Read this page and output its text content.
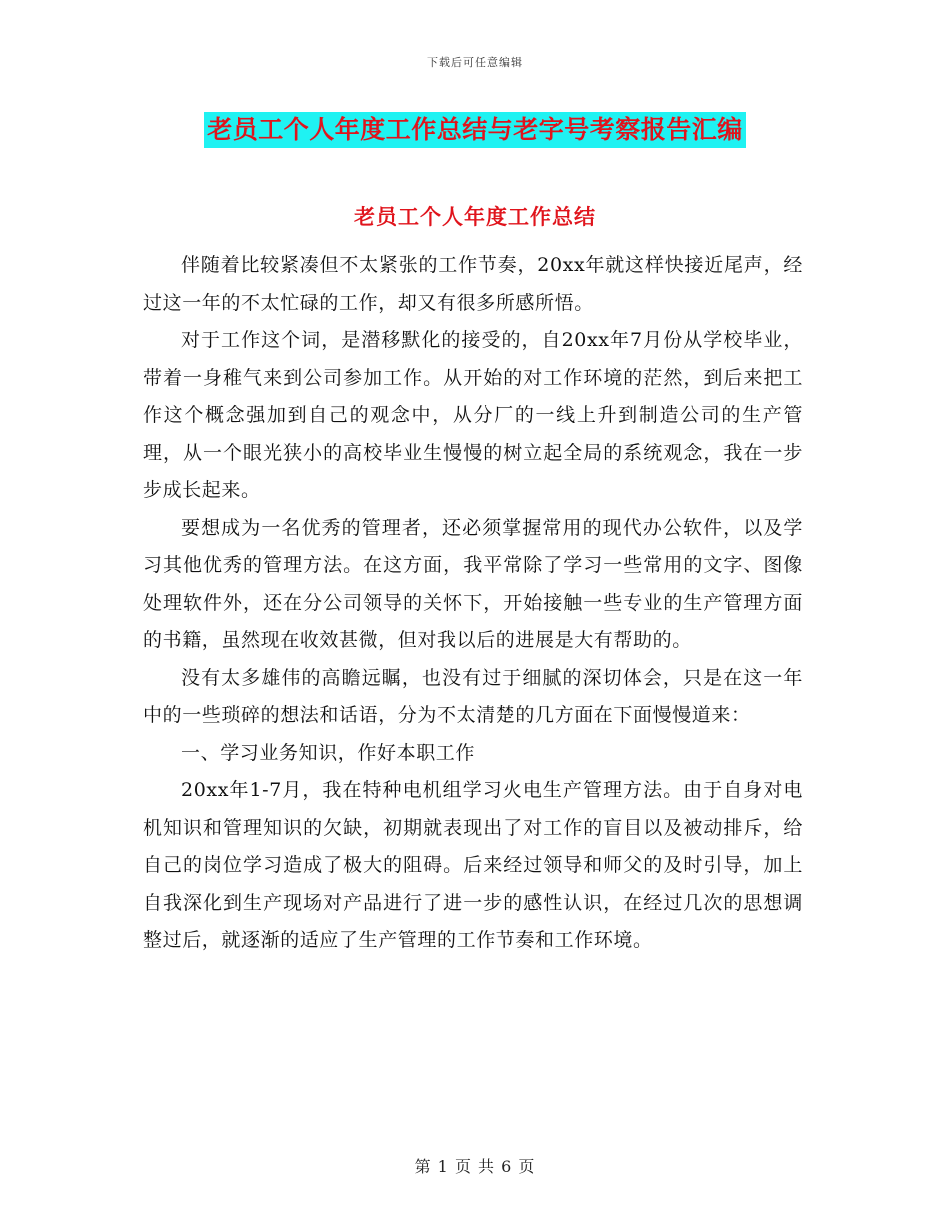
下载后可任意编辑
老员工个人年度工作总结与老字号考察报告汇编
老员工个人年度工作总结

伴随着比较紧凑但不太紧张的工作节奏，20xx年就这样快接近尾声，经过这一年的不太忙碌的工作，却又有很多所感所悟。

对于工作这个词，是潜移默化的接受的，自20xx年7月份从学校毕业，带着一身稚气来到公司参加工作。从开始的对工作环境的茫然，到后来把工作这个概念强加到自己的观念中，从分厂的一线上升到制造公司的生产管理，从一个眼光狭小的高校毕业生慢慢的树立起全局的系统观念，我在一步步成长起来。

要想成为一名优秀的管理者，还必须掌握常用的现代办公软件，以及学习其他优秀的管理方法。在这方面，我平常除了学习一些常用的文字、图像处理软件外，还在分公司领导的关怀下，开始接触一些专业的生产管理方面的书籍，虽然现在收效甚微，但对我以后的进展是大有帮助的。

没有太多雄伟的高瞻远瞩，也没有过于细腻的深切体会，只是在这一年中的一些琐碎的想法和话语，分为不太清楚的几方面在下面慢慢道来：

一、学习业务知识，作好本职工作

20xx年1-7月，我在特种电机组学习火电生产管理方法。由于自身对电机知识和管理知识的欠缺，初期就表现出了对工作的盲目以及被动排斥，给自己的岗位学习造成了极大的阻碍。后来经过领导和师父的及时引导，加上自我深化到生产现场对产品进行了进一步的感性认识，在经过几次的思想调整过后，就逐渐的适应了生产管理的工作节奏和工作环境。

第 1 页 共 6 页
